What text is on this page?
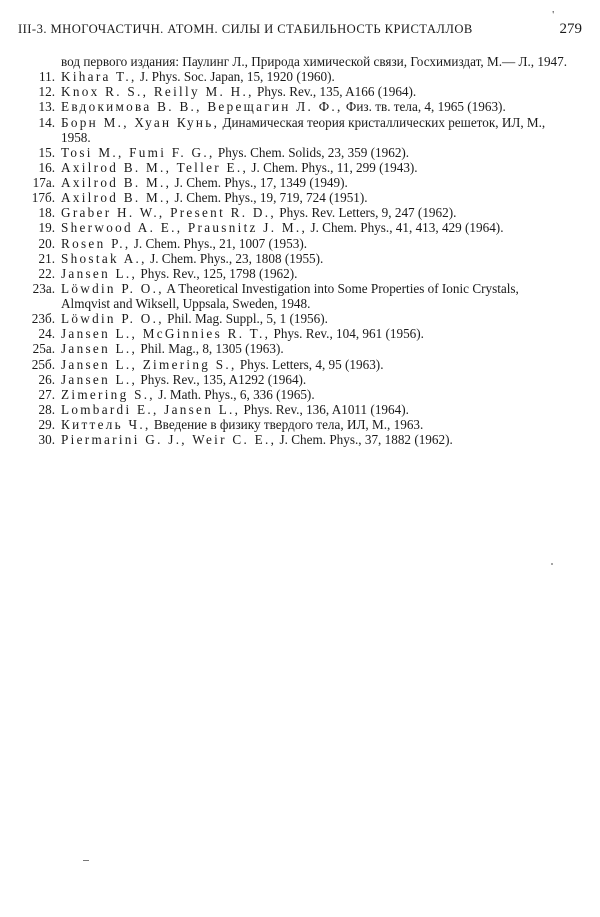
III-3. МНОГОЧАСТИЧН. АТОМН. СИЛЫ И СТАБИЛЬНОСТЬ КРИСТАЛЛОВ
'
279
вод первого издания: Паулинг Л., Природа химической связи, Госхимиздат, М.— Л., 1947.
11. Kihara T., J. Phys. Soc. Japan, 15, 1920 (1960).
12. Knox R. S., Reilly M. H., Phys. Rev., 135, A166 (1964).
13. Евдокимова В. В., Верещагин Л. Ф., Физ. тв. тела, 4, 1965 (1963).
14. Борн М., Хуан Кунь, Динамическая теория кристаллических решеток, ИЛ, М., 1958.
15. Tosi M., Fumi F. G., Phys. Chem. Solids, 23, 359 (1962).
16. Axilrod B. M., Teller E., J. Chem. Phys., 11, 299 (1943).
17а. Axilrod B. M., J. Chem. Phys., 17, 1349 (1949).
17б. Axilrod B. M., J. Chem. Phys., 19, 719, 724 (1951).
18. Graber H. W., Present R. D., Phys. Rev. Letters, 9, 247 (1962).
19. Sherwood A. E., Prausnitz J. M., J. Chem. Phys., 41, 413, 429 (1964).
20. Rosen P., J. Chem. Phys., 21, 1007 (1953).
21. Shostak A., J. Chem. Phys., 23, 1808 (1955).
22. Jansen L., Phys. Rev., 125, 1798 (1962).
23а. Löwdin P. O., A Theoretical Investigation into Some Properties of Ionic Crystals, Almqvist and Wiksell, Uppsala, Sweden, 1948.
23б. Löwdin P. O., Phil. Mag. Suppl., 5, 1 (1956).
24. Jansen L., McGinnies R. T., Phys. Rev., 104, 961 (1956).
25а. Jansen L., Phil. Mag., 8, 1305 (1963).
25б. Jansen L., Zimering S., Phys. Letters, 4, 95 (1963).
26. Jansen L., Phys. Rev., 135, A1292 (1964).
27. Zimering S., J. Math. Phys., 6, 336 (1965).
28. Lombardi E., Jansen L., Phys. Rev., 136, A1011 (1964).
29. Киттель Ч., Введение в физику твердого тела, ИЛ, М., 1963.
30. Piermarini G. J., Weir C. E., J. Chem. Phys., 37, 1882 (1962).
